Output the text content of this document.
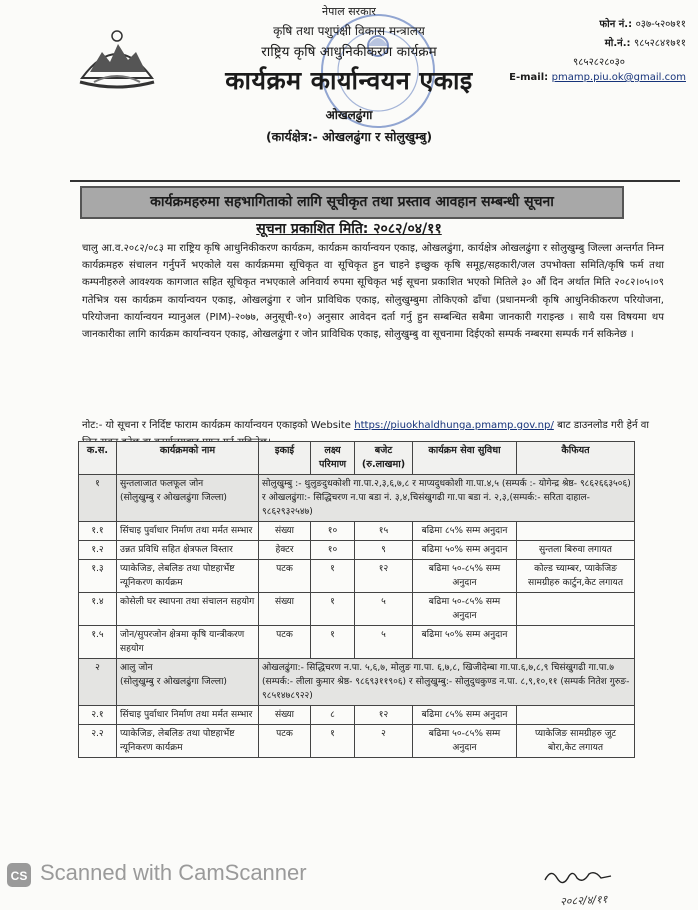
नेपाल सरकार
कृषि तथा पशुपंक्षी विकास मन्त्रालय
राष्ट्रिय कृषि आधुनिकीकरण कार्यक्रम
कार्यक्रम कार्यान्वयन एकाइ
ओखलढुंगा
(कार्यक्षेत्र:- ओखलढुंगा र सोलुखुम्बु)
फोन नं.: ०३७-५२०७११
मो.नं.: ९८५२८४१७११
९८५२८२८०३०
E-mail: pmamp.piu.ok@gmail.com
कार्यक्रमहरुमा सहभागिताको लागि सूचीकृत तथा प्रस्ताव आवहान सम्बन्धी सूचना
सूचना प्रकाशित मिति: २०८२/०४/११
चालु आ.व.२०८२/०८३ मा राष्ट्रिय कृषि आधुनिकीकरण कार्यक्रम, कार्यक्रम कार्यान्वयन एकाइ, ओखलढुंगा, कार्यक्षेत्र ओखलढुंगा र सोलुखुम्बु जिल्ला अन्तर्गत निम्न कार्यक्रमहरु संचालन गर्नुपर्ने भएकोले यस कार्यक्रममा सूचिकृत वा सूचिकृत हुन चाहने इच्छुक कृषि समूह/सहकारी/जल उपभोक्ता समिति/कृषि फर्म तथा कम्पनीहरुले आवश्यक कागजात सहित सूचिकृत नभएकाले अनिवार्य रुपमा सूचिकृत भई सूचना प्रकाशित भएको मितिले ३० औं दिन अर्थात मिति २०८२।०५।०९ गतेभित्र यस कार्यक्रम कार्यान्वयन एकाइ, ओखलढुंगा र जोन प्राविधिक एकाइ, सोलुखुम्बुमा तोकिएको ढाँचा (प्रधानमन्त्री कृषि आधुनिकीकरण परियोजना, परियोजना कार्यान्वयन म्यानुअल (PIM)-२०७७, अनुसूची-१०) अनुसार आवेदन दर्ता गर्नु हुन सम्बन्धित सबैमा जानकारी गराइन्छ । साथै यस विषयमा थप जानकारीका लागि कार्यक्रम कार्यान्वयन एकाइ, ओखलढुंगा र जोन प्राविधिक एकाइ, सोलुखुम्बु वा सूचनामा दिईएको सम्पर्क नम्बरमा सम्पर्क गर्न सकिनेछ ।
नोट:- यो सूचना र निर्दिष्ट फाराम कार्यक्रम कार्यान्वयन एकाइको Website https://piuokhaldhunga.pmamp.gov.np/ बाट डाउनलोड गरी हेर्न वा
क.स.	कार्यक्रमको नाम	इकाई	लक्ष्य परिमाण	बजेट (रु.लाखमा)	कार्यक्रम सेवा सुविधा	कैफियत
१	सुन्तलाजात फलफूल जोन
(सोलुखुम्बु र ओखलढुंगा जिल्ला)	सोलुखुम्बु :- थुलुङदुधकोशी गा.पा.२,३,६,७,८ र माप्यदुधकोशी गा.पा.४,५ (सम्पर्क :- योगेन्द्र श्रेष्ठ- ९८६२६६३५०६) र ओखलढुंगा:- सिद्धिचरण न.पा बडा नं. ३,४,चिसंखुगढी गा.पा बडा नं. २,३,(सम्पर्क:- सरिता दाहाल- ९८६२९३२५४७)				
१.१	सिंचाइ पुर्वाधार निर्माण तथा मर्मत सम्भार	संख्या	१०	१५	बढिमा ८५% सम्म अनुदान	
१.२	उन्नत प्रविधि सहित क्षेत्रफल विस्तार	हेक्टर	१०	९	बढिमा ५०% सम्म अनुदान	सुन्तला बिरुवा लगायत
१.३	प्याकेजिङ, लेबलिङ तथा पोष्टहार्भेष्ट न्यूनिकरण कार्यक्रम	पटक	१	१२	बढिमा ५०-८५% सम्म अनुदान	कोल्ड च्याम्बर, प्याकेजिङ सामग्रीहरु कार्टुन,केट लगायत
१.४	कोसेली घर स्थापना तथा संचालन सहयोग	संख्या	१	५	बढिमा ५०-८५% सम्म अनुदान	
१.५	जोन/सुपरजोन क्षेत्रमा कृषि यान्त्रीकरण सहयोग	पटक	१	५	बढिमा ५०% सम्म अनुदान	
२	आलु जोन
(सोलुखुम्बु र ओखलढुंगा जिल्ला)	ओखलढुंगा:- सिद्धिचरण न.पा. ५,६,७, मोलुङ गा.पा. ६,७,८, खिजीदेम्बा गा.पा.६,७,८,९ चिसंखुगढी गा.पा.७ (सम्पर्क:- लीला कुमार श्रेष्ठ- ९८६९३११९०६) र सोलुखुम्बु:- सोलुदुधकुण्ड न.पा. ८,९,१०,११ (सम्पर्क नितेश गुरुङ- ९८५१४७८९२२)				
२.१	सिंचाइ पुर्वाधार निर्माण तथा मर्मत सम्भार	संख्या	८	१२	बढिमा ८५% सम्म अनुदान	
२.२	प्याकेजिङ, लेबलिङ तथा पोष्टहार्भेष्ट न्यूनिकरण कार्यक्रम	पटक	१	२	बढिमा ५०-८५% सम्म अनुदान	प्याकेजिङ सामग्रीहरु जुट बोरा,केट लगायत
CS Scanned with CamScanner
२०८२/४/११
